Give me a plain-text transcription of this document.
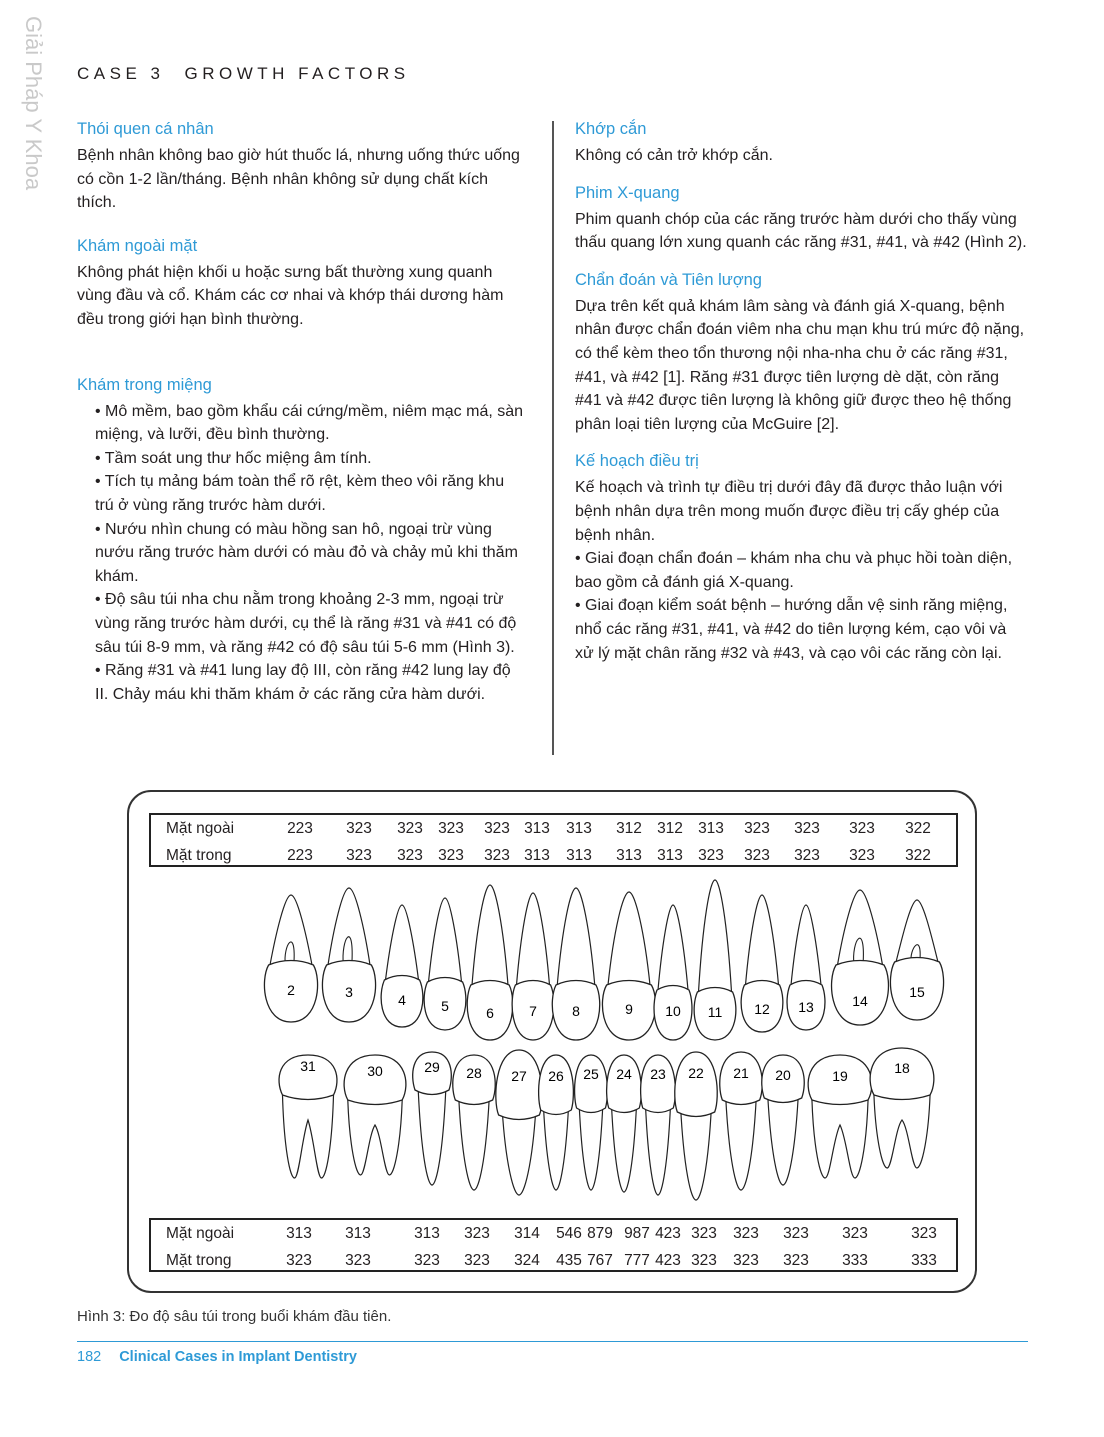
Giải Pháp Y Khoa CASE 3 GROWTH FACTORS
Thói quen cá nhân

Bệnh nhân không bao giờ hút thuốc lá, nhưng uống thức uống có cồn 1-2 lần/tháng. Bệnh nhân không sử dụng chất kích thích.

Khám ngoài mặt

Không phát hiện khối u hoặc sưng bất thường xung quanh vùng đầu và cổ. Khám các cơ nhai và khớp thái dương hàm đều trong giới hạn bình thường.

Khám trong miệng
• Mô mềm, bao gồm khẩu cái cứng/mềm, niêm mạc má, sàn miệng, và lưỡi, đều bình thường.
• Tầm soát ung thư hốc miệng âm tính.
• Tích tụ mảng bám toàn thể rõ rệt, kèm theo vôi răng khu trú ở vùng răng trước hàm dưới.
• Nướu nhìn chung có màu hồng san hô, ngoại trừ vùng nướu răng trước hàm dưới có màu đỏ và chảy mủ khi thăm khám.
• Độ sâu túi nha chu nằm trong khoảng 2-3 mm, ngoại trừ vùng răng trước hàm dưới, cụ thể là răng #31 và #41 có độ sâu túi 8-9 mm, và răng #42 có độ sâu túi 5-6 mm (Hình 3).
• Răng #31 và #41 lung lay độ III, còn răng #42 lung lay độ II. Chảy máu khi thăm khám ở các răng cửa hàm dưới.
Khớp cắn

Không có cản trở khớp cắn.

Phim X-quang

Phim quanh chóp của các răng trước hàm dưới cho thấy vùng thấu quang lớn xung quanh các răng #31, #41, và #42 (Hình 2).

Chẩn đoán và Tiên lượng

Dựa trên kết quả khám lâm sàng và đánh giá X-quang, bệnh nhân được chẩn đoán viêm nha chu mạn khu trú mức độ nặng, có thể kèm theo tổn thương nội nha-nha chu ở các răng #31, #41, và #42 [1]. Răng #31 được tiên lượng dè dặt, còn răng #41 và #42 được tiên lượng là không giữ được theo hệ thống phân loại tiên lượng của McGuire [2].

Kế hoạch điều trị
Kế hoạch và trình tự điều trị dưới đây đã được thảo luận với bệnh nhân dựa trên mong muốn được điều trị cấy ghép của bệnh nhân.
• Giai đoạn chẩn đoán – khám nha chu và phục hồi toàn diện, bao gồm cả đánh giá X-quang.
• Giai đoạn kiểm soát bệnh – hướng dẫn vệ sinh răng miệng, nhổ các răng #31, #41, và #42 do tiên lượng kém, cạo vôi và xử lý mặt chân răng #32 và #43, và cạo vôi các răng còn lại.
Mặt ngoài	223 323 323 323 323 313 313 312 312 313 323 323 323 322
Mặt trong	223 323 323 323 323 313 313 313 313 323 323 323 323 322
Mặt ngoài	313 313	313 323 314 546 879 987 423 323 323 323 323	323
Mặt trong	323 323	323 323 324 435 767 777 423 323 323 323 333	333
2	3	4	5	6	7	8	9 10 11 12 13	14
15
31	30	29 28 27 26 25 24 23 22 21 20	19	18
Hình 3: Đo độ sâu túi trong buổi khám đầu tiên.
182 Clinical Cases in Implant Dentistry
